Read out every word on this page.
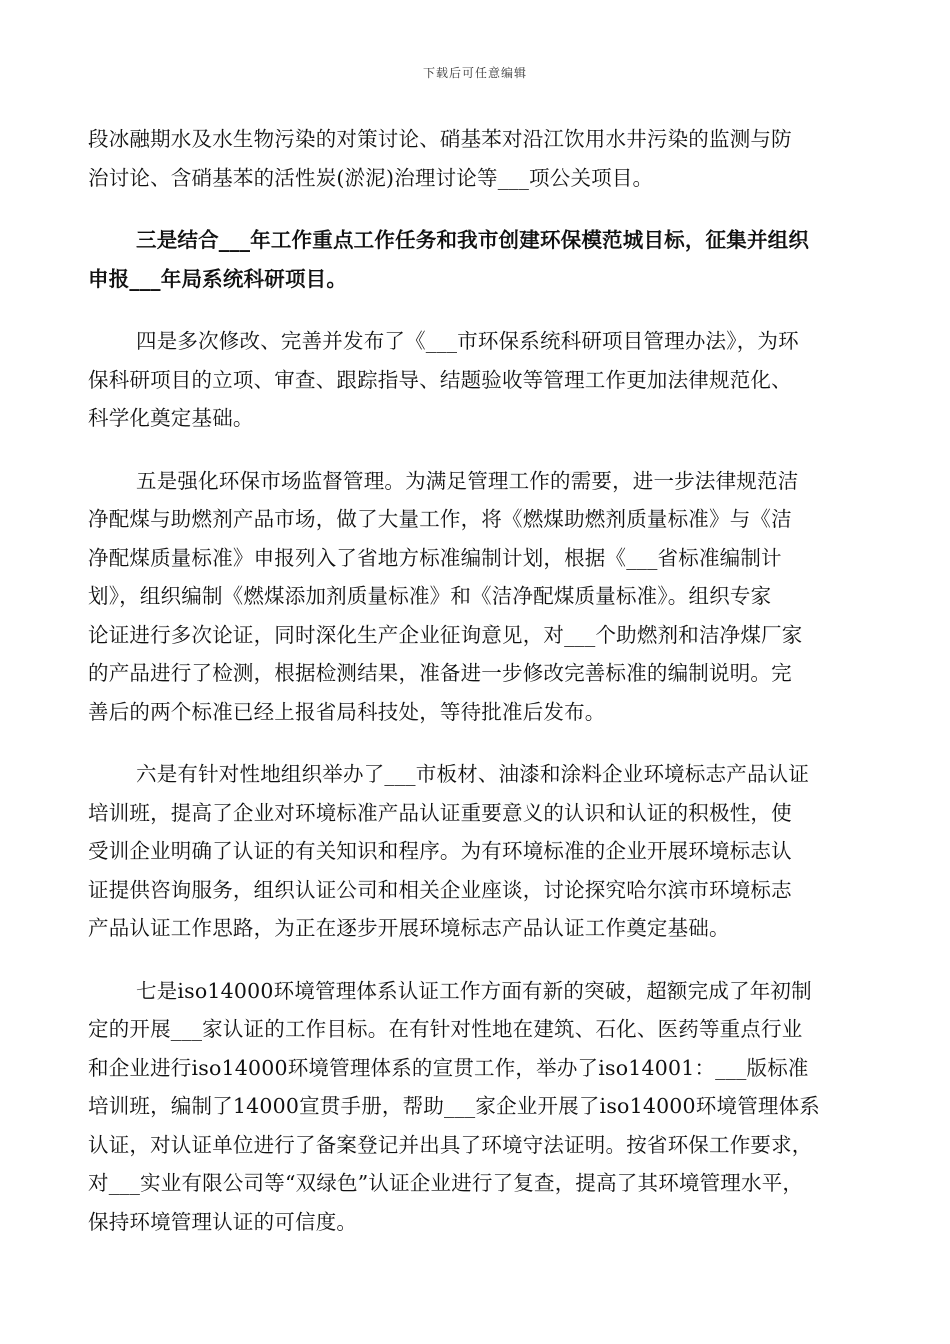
下载后可任意编辑
段冰融期水及水生物污染的对策讨论、硝基苯对沿江饮用水井污染的监测与防
治讨论、含硝基苯的活性炭(淤泥)治理讨论等___项公关项目。
三是结合___年工作重点工作任务和我市创建环保模范城目标，征集并组织
申报___年局系统科研项目。
四是多次修改、完善并发布了《___市环保系统科研项目管理办法》，为环
保科研项目的立项、审查、跟踪指导、结题验收等管理工作更加法律规范化、
科学化奠定基础。
五是强化环保市场监督管理。为满足管理工作的需要，进一步法律规范洁
净配煤与助燃剂产品市场，做了大量工作，将《燃煤助燃剂质量标准》与《洁
净配煤质量标准》申报列入了省地方标准编制计划，根据《___省标准编制计
划》，组织编制《燃煤添加剂质量标准》和《洁净配煤质量标准》。组织专家
论证进行多次论证，同时深化生产企业征询意见，对___个助燃剂和洁净煤厂家
的产品进行了检测，根据检测结果，准备进一步修改完善标准的编制说明。完
善后的两个标准已经上报省局科技处，等待批准后发布。
六是有针对性地组织举办了___市板材、油漆和涂料企业环境标志产品认证
培训班，提高了企业对环境标准产品认证重要意义的认识和认证的积极性，使
受训企业明确了认证的有关知识和程序。为有环境标准的企业开展环境标志认
证提供咨询服务，组织认证公司和相关企业座谈，讨论探究哈尔滨市环境标志
产品认证工作思路，为正在逐步开展环境标志产品认证工作奠定基础。
七是iso14000环境管理体系认证工作方面有新的突破，超额完成了年初制
定的开展___家认证的工作目标。在有针对性地在建筑、石化、医药等重点行业
和企业进行iso14000环境管理体系的宣贯工作，举办了iso14001：___版标准
培训班，编制了14000宣贯手册，帮助___家企业开展了iso14000环境管理体系
认证，对认证单位进行了备案登记并出具了环境守法证明。按省环保工作要求，
对___实业有限公司等“双绿色”认证企业进行了复查，提高了其环境管理水平，
保持环境管理认证的可信度。
